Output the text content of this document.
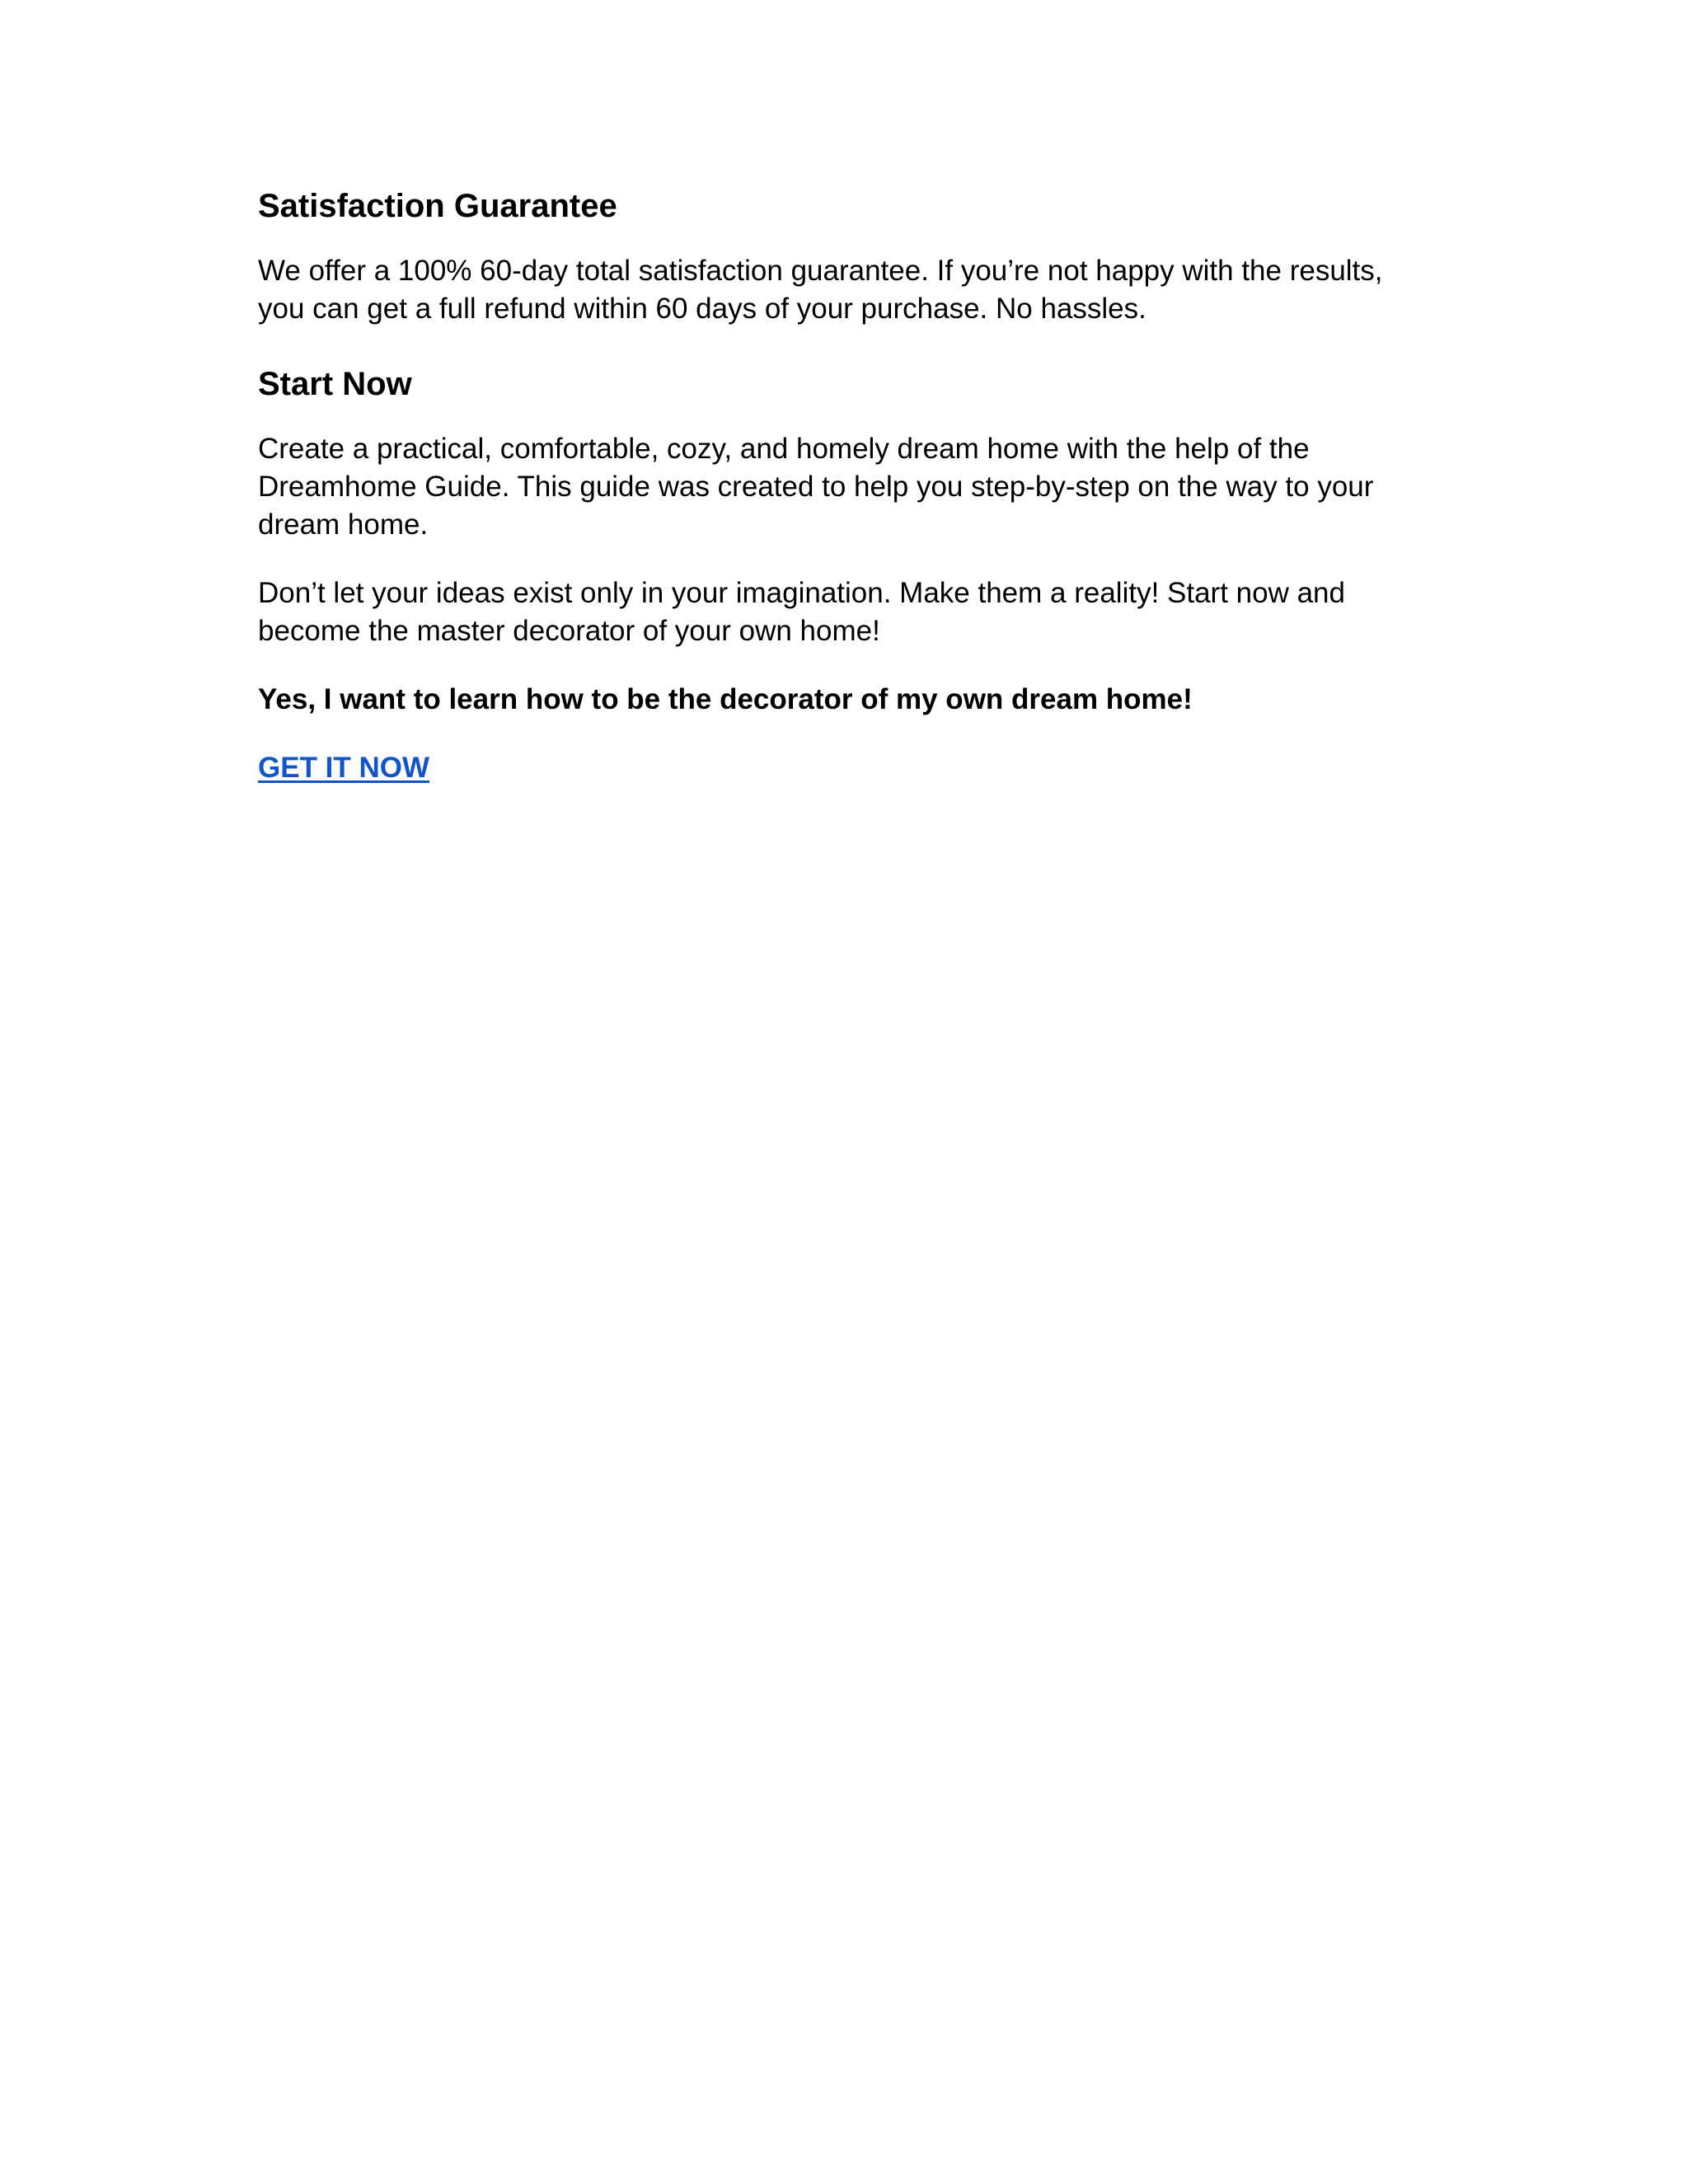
Satisfaction Guarantee

We offer a 100% 60-day total satisfaction guarantee. If you’re not happy with the results, you can get a full refund within 60 days of your purchase. No hassles.

Start Now

Create a practical, comfortable, cozy, and homely dream home with the help of the Dreamhome Guide. This guide was created to help you step-by-step on the way to your dream home.

Don’t let your ideas exist only in your imagination. Make them a reality! Start now and become the master decorator of your own home!

Yes, I want to learn how to be the decorator of my own dream home!

GET IT NOW
